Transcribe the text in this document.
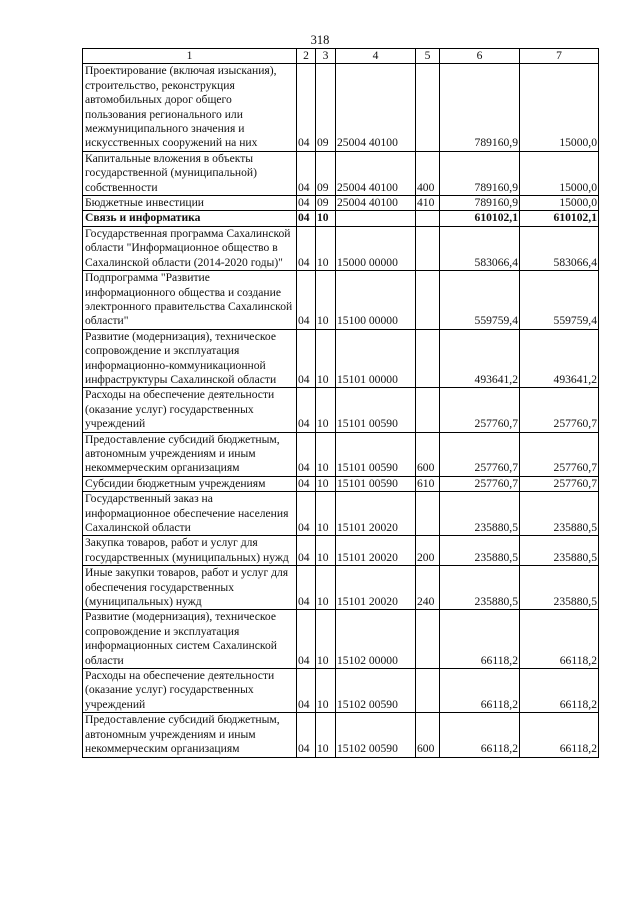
318
1	2	3	4	5	6	7
Проектирование (включая изыскания), строительство, реконструкция автомобильных дорог общего пользования регионального или межмуниципального значения и искусственных сооружений на них	04	09	25004 40100		789160,9	15000,0
Капитальные вложения в объекты государственной (муниципальной) собственности	04	09	25004 40100	400	789160,9	15000,0
Бюджетные инвестиции	04	09	25004 40100	410	789160,9	15000,0
Связь и информатика	04	10			610102,1	610102,1
Государственная программа Сахалинской области "Информационное общество в Сахалинской области (2014-2020 годы)"	04	10	15000 00000		583066,4	583066,4
Подпрограмма "Развитие информационного общества и создание электронного правительства Сахалинской области"	04	10	15100 00000		559759,4	559759,4
Развитие (модернизация), техническое сопровождение и эксплуатация информационно-коммуникационной инфраструктуры Сахалинской области	04	10	15101 00000		493641,2	493641,2
Расходы на обеспечение деятельности (оказание услуг) государственных учреждений	04	10	15101 00590		257760,7	257760,7
Предоставление субсидий бюджетным, автономным учреждениям и иным некоммерческим организациям	04	10	15101 00590	600	257760,7	257760,7
Субсидии бюджетным учреждениям	04	10	15101 00590	610	257760,7	257760,7
Государственный заказ на информационное обеспечение населения Сахалинской области	04	10	15101 20020		235880,5	235880,5
Закупка товаров, работ и услуг для государственных (муниципальных) нужд	04	10	15101 20020	200	235880,5	235880,5
Иные закупки товаров, работ и услуг для обеспечения государственных (муниципальных) нужд	04	10	15101 20020	240	235880,5	235880,5
Развитие (модернизация), техническое сопровождение и эксплуатация информационных систем Сахалинской области	04	10	15102 00000		66118,2	66118,2
Расходы на обеспечение деятельности (оказание услуг) государственных учреждений	04	10	15102 00590		66118,2	66118,2
Предоставление субсидий бюджетным, автономным учреждениям и иным некоммерческим организациям	04	10	15102 00590	600	66118,2	66118,2
